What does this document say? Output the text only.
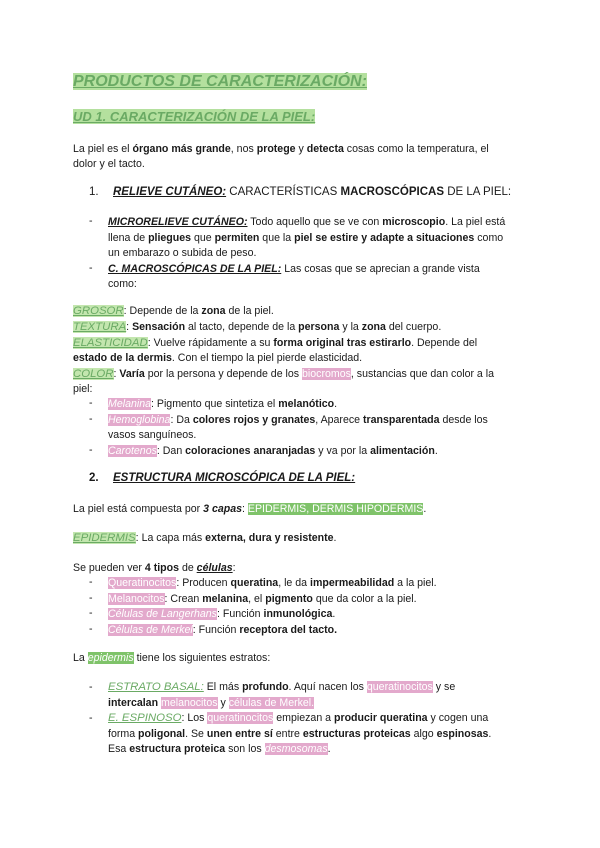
PRODUCTOS DE CARACTERIZACIÓN:
UD 1. CARACTERIZACIÓN DE LA PIEL:
La piel es el órgano más grande, nos protege y detecta cosas como la temperatura, el
dolor y el tacto.
1. RELIEVE CUTÁNEO: CARACTERÍSTICAS MACROSCÓPICAS DE LA PIEL:
- MICRORELIEVE CUTÁNEO: Todo aquello que se ve con microscopio. La piel está
llena de pliegues que permiten que la piel se estire y adapte a situaciones como
un embarazo o subida de peso.
- C. MACROSCÓPICAS DE LA PIEL: Las cosas que se aprecian a grande vista
como:
GROSOR: Depende de la zona de la piel.
TEXTURA: Sensación al tacto, depende de la persona y la zona del cuerpo.
ELASTICIDAD: Vuelve rápidamente a su forma original tras estirarlo. Depende del
estado de la dermis. Con el tiempo la piel pierde elasticidad.
COLOR: Varía por la persona y depende de los biocromos, sustancias que dan color a la
piel:
- Melanina: Pigmento que sintetiza el melanótico.
- Hemoglobina: Da colores rojos y granates, Aparece transparentada desde los
vasos sanguíneos.
- Carotenos: Dan coloraciones anaranjadas y va por la alimentación.
2. ESTRUCTURA MICROSCÓPICA DE LA PIEL:
La piel está compuesta por 3 capas: EPIDERMIS, DERMIS HIPODERMIS.
EPIDERMIS: La capa más externa, dura y resistente.
Se pueden ver 4 tipos de células:
- Queratinocitos: Producen queratina, le da impermeabilidad a la piel.
- Melanocitos: Crean melanina, el pigmento que da color a la piel.
- Células de Langerhans: Función inmunológica.
- Células de Merkel: Función receptora del tacto.
La epidermis tiene los siguientes estratos:
- ESTRATO BASAL: El más profundo. Aquí nacen los queratinocitos y se
intercalan melanocitos y células de Merkel.
- E. ESPINOSO: Los queratinocitos empiezan a producir queratina y cogen una
forma poligonal. Se unen entre sí entre estructuras proteicas algo espinosas.
Esa estructura proteica son los desmosomas.
